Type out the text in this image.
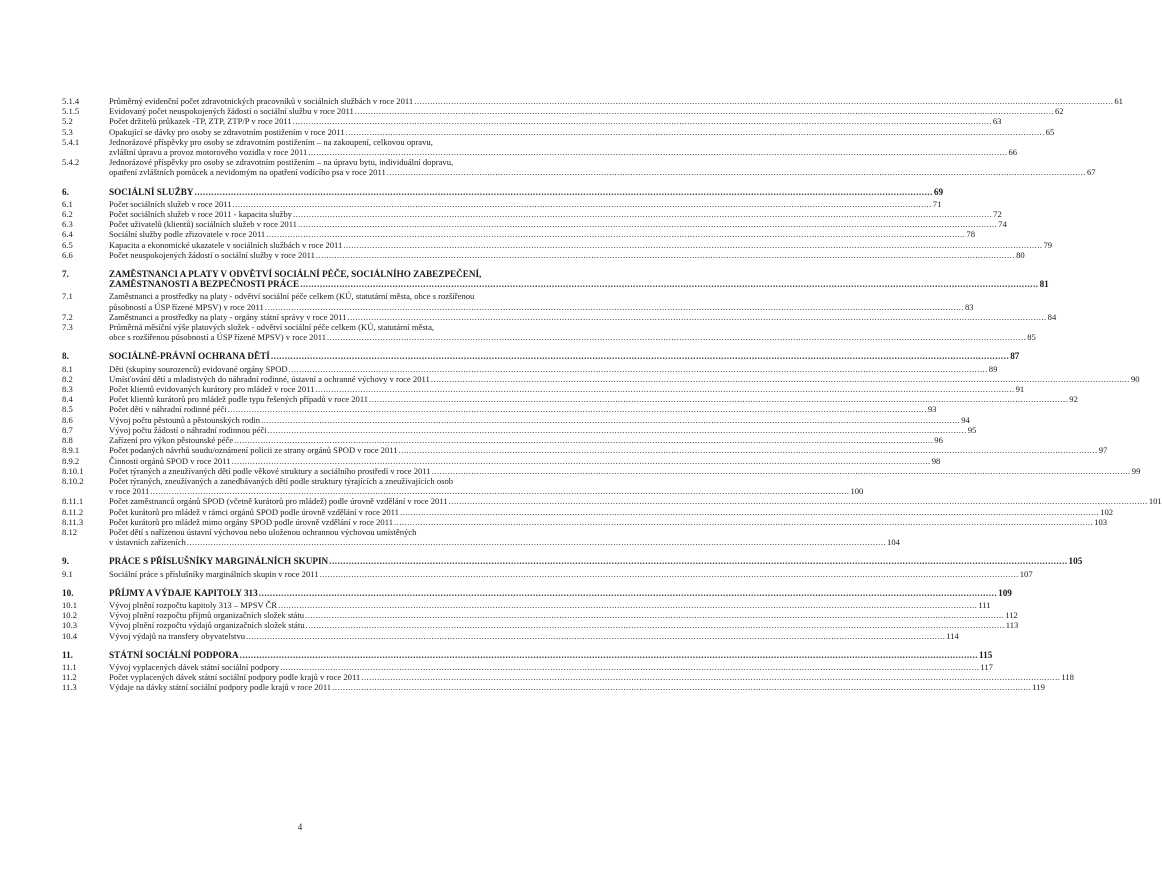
5.1.4	Průměrný evidenční počet zdravotnických pracovníků v sociálních službách v roce 2011 .....	61
5.1.5	Evidovaný počet neuspokojených žádostí o sociální službu v roce 2011 .....	62
5.2	Počet držitelů průkazek -TP, ZTP, ZTP/P v roce 2011 .....	63
5.3	Opakující se dávky pro osoby se zdravotním postižením v roce 2011 .....	65
5.4.1	Jednorázové příspěvky pro osoby se zdravotním postižením – na zakoupení, celkovou opravu,
zvláštní úpravu a provoz motorového vozidla v roce 2011 .....	66
5.4.2	Jednorázové příspěvky pro osoby se zdravotním postižením – na úpravu bytu, individuální dopravu,
opatření zvláštních pomůcek a nevidomým na opatření vodícího psa v roce 2011 .....	67
6.	SOCIÁLNÍ SLUŽBY .....	69
6.1	Počet sociálních služeb v roce 2011 .....	71
6.2	Počet sociálních služeb v roce 2011 - kapacita služby .....	72
6.3	Počet uživatelů (klientů) sociálních služeb v roce 2011 .....	74
6.4	Sociální služby podle zřizovatele v roce 2011 .....	78
6.5	Kapacita a ekonomické ukazatele v sociálních službách v roce 2011 .....	79
6.6	Počet neuspokojených žádostí o sociální služby v roce 2011 .....	80
7.	ZAMĚSTNANCI A PLATY V ODVĚTVÍ SOCIÁLNÍ PÉČE, SOCIÁLNÍHO ZABEZPEČENÍ,
ZAMĚSTNANOSTI A BEZPEČNOSTI PRÁCE .....	81
7.1	Zaměstnanci a prostředky na platy - odvětví sociální péče celkem (KÚ, statutární města, obce s rozšířenou
působností a ÚSP řízené MPSV) v roce 2011 .....	83
7.2	Zaměstnanci a prostředky na platy - orgány státní správy v roce 2011 .....	84
7.3	Průměrná měsíční výše platových složek - odvětví sociální péče celkem (KÚ, statutární města,
obce s rozšířenou působností a ÚSP řízené MPSV) v roce 2011 .....	85
8.	SOCIÁLNĚ-PRÁVNÍ OCHRANA DĚTÍ .....	87
8.1	Děti (skupiny sourozenců) evidované orgány SPOD .....	89
8.2	Umísťování dětí a mladistvých do náhradní rodinné, ústavní a ochranné výchovy v roce 2011 .....	90
8.3	Počet klientů evidovaných kurátory pro mládež v roce 2011 .....	91
8.4	Počet klientů kurátorů pro mládež podle typu řešených případů v roce 2011 .....	92
8.5	Počet dětí v náhradní rodinné péči .....	93
8.6	Vývoj počtu pěstounů a pěstounských rodin .....	94
8.7	Vývoj počtu žádostí o náhradní rodinnou péči .....	95
8.8	Zařízení pro výkon pěstounské péče .....	96
8.9.1	Počet podaných návrhů soudu/oznámení policii ze strany orgánů SPOD v roce 2011 .....	97
8.9.2	Činnosti orgánů SPOD v roce 2011 .....	98
8.10.1	Počet týraných a zneužívaných dětí podle věkové struktury a sociálního prostředí v roce 2011 .....	99
8.10.2	Počet týraných, zneužívaných a zanedbávaných dětí podle struktury týrajících a zneužívajících osob
v roce 2011 .....	100
8.11.1	Počet zaměstnanců orgánů SPOD (včetně kurátorů pro mládež) podle úrovně vzdělání v roce 2011 .....	101
8.11.2	Počet kurátorů pro mládež v rámci orgánů SPOD podle úrovně vzdělání v roce 2011 .....	102
8.11.3	Počet kurátorů pro mládež mimo orgány SPOD podle úrovně vzdělání v roce 2011 .....	103
8.12	Počet dětí s nařízenou ústavní výchovou nebo uloženou ochrannou výchovou umístěných
v ústavních zařízeních .....	104
9.	PRÁCE S PŘÍSLUŠNÍKY MARGINÁLNÍCH SKUPIN .....	105
9.1	Sociální práce s příslušníky marginálních skupin v roce 2011 .....	107
10.	PŘÍJMY A VÝDAJE KAPITOLY 313 .....	109
10.1	Vývoj plnění rozpočtu kapitoly 313 – MPSV ČR .....	111
10.2	Vývoj plnění rozpočtu příjmů organizačních složek státu .....	112
10.3	Vývoj plnění rozpočtu výdajů organizačních složek státu .....	113
10.4	Vývoj výdajů na transfery obyvatelstvu .....	114
11.	STÁTNÍ SOCIÁLNÍ PODPORA .....	115
11.1	Vývoj vyplacených dávek státní sociální podpory .....	117
11.2	Počet vyplacených dávek státní sociální podpory podle krajů v roce 2011 .....	118
11.3	Výdaje na dávky státní sociální podpory podle krajů v roce 2011 .....	119
4
